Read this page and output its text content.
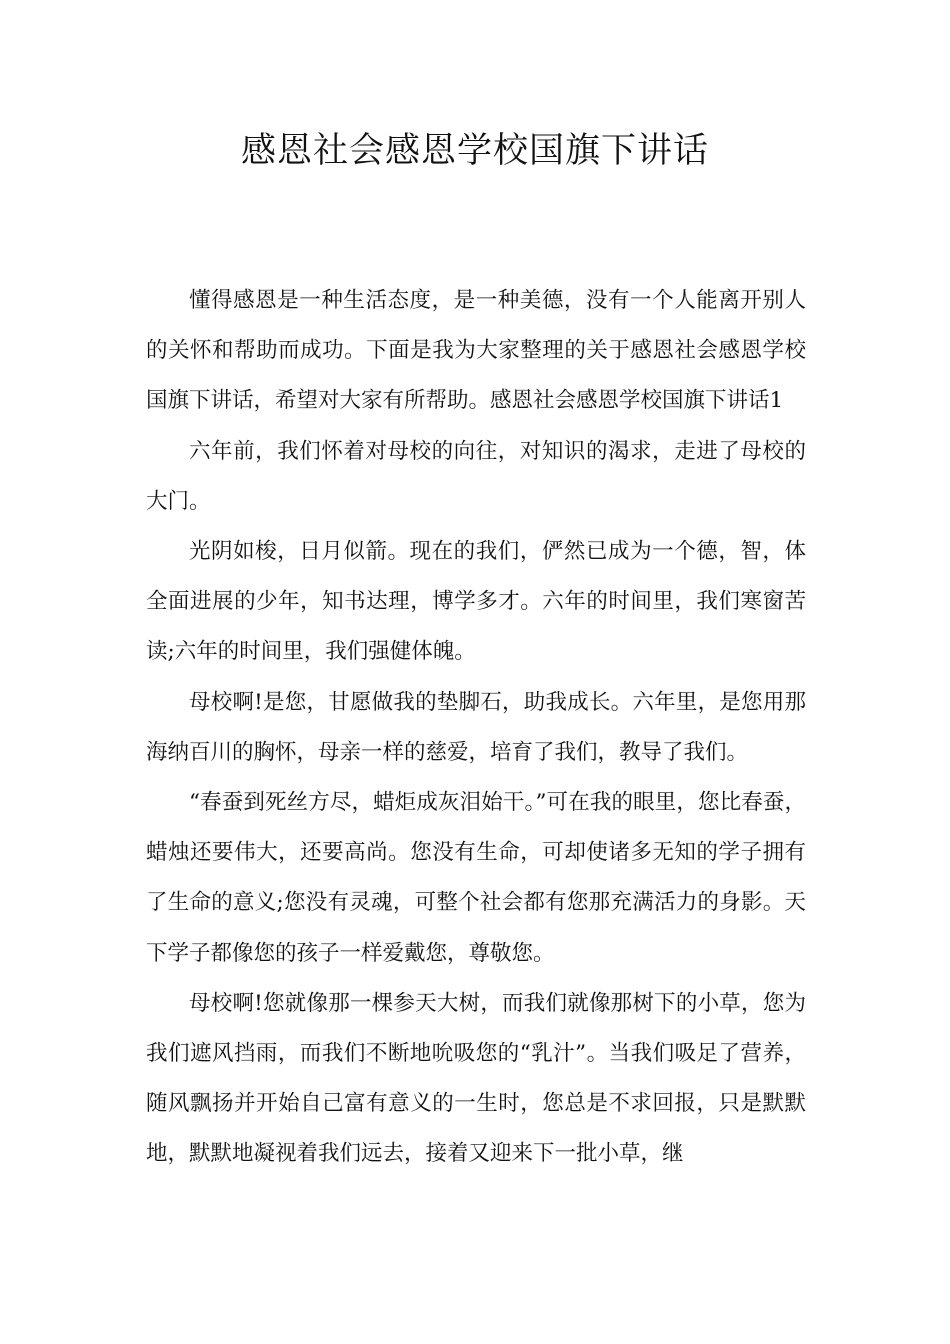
感恩社会感恩学校国旗下讲话

懂得感恩是一种生活态度，是一种美德，没有一个人能离开别人的关怀和帮助而成功。下面是我为大家整理的关于感恩社会感恩学校国旗下讲话，希望对大家有所帮助。感恩社会感恩学校国旗下讲话1

六年前，我们怀着对母校的向往，对知识的渴求，走进了母校的大门。

光阴如梭，日月似箭。现在的我们，俨然已成为一个德，智，体全面进展的少年，知书达理，博学多才。六年的时间里，我们寒窗苦读;六年的时间里，我们强健体魄。

母校啊!是您，甘愿做我的垫脚石，助我成长。六年里，是您用那海纳百川的胸怀，母亲一样的慈爱，培育了我们，教导了我们。

“春蚕到死丝方尽，蜡炬成灰泪始干。”可在我的眼里，您比春蚕，蜡烛还要伟大，还要高尚。您没有生命，可却使诸多无知的学子拥有了生命的意义;您没有灵魂，可整个社会都有您那充满活力的身影。天下学子都像您的孩子一样爱戴您，尊敬您。

母校啊!您就像那一棵参天大树，而我们就像那树下的小草，您为我们遮风挡雨，而我们不断地吮吸您的“乳汁”。当我们吸足了营养，随风飘扬并开始自己富有意义的一生时，您总是不求回报，只是默默地，默默地凝视着我们远去，接着又迎来下一批小草，继
